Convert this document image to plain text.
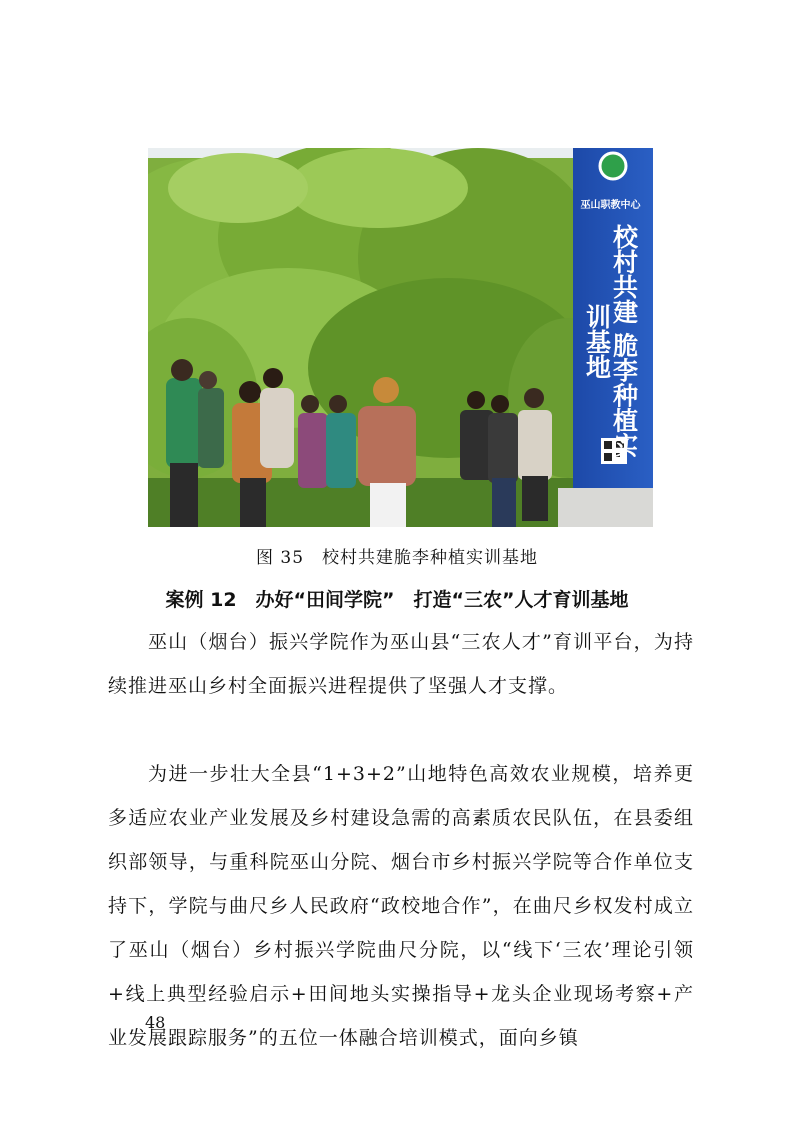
巫山职教中心
校村共建 脆李种植实训基地
图 35　校村共建脆李种植实训基地
案例 12　办好“田间学院”　打造“三农”人才育训基地
巫山（烟台）振兴学院作为巫山县“三农人才”育训平台，为持续推进巫山乡村全面振兴进程提供了坚强人才支撑。
为进一步壮大全县“1+3+2”山地特色高效农业规模，培养更多适应农业产业发展及乡村建设急需的高素质农民队伍，在县委组织部领导，与重科院巫山分院、烟台市乡村振兴学院等合作单位支持下，学院与曲尺乡人民政府“政校地合作”，在曲尺乡权发村成立了巫山（烟台）乡村振兴学院曲尺分院，以“线下‘三农’理论引领+线上典型经验启示+田间地头实操指导+龙头企业现场考察+产业发展跟踪服务”的五位一体融合培训模式，面向乡镇
48
